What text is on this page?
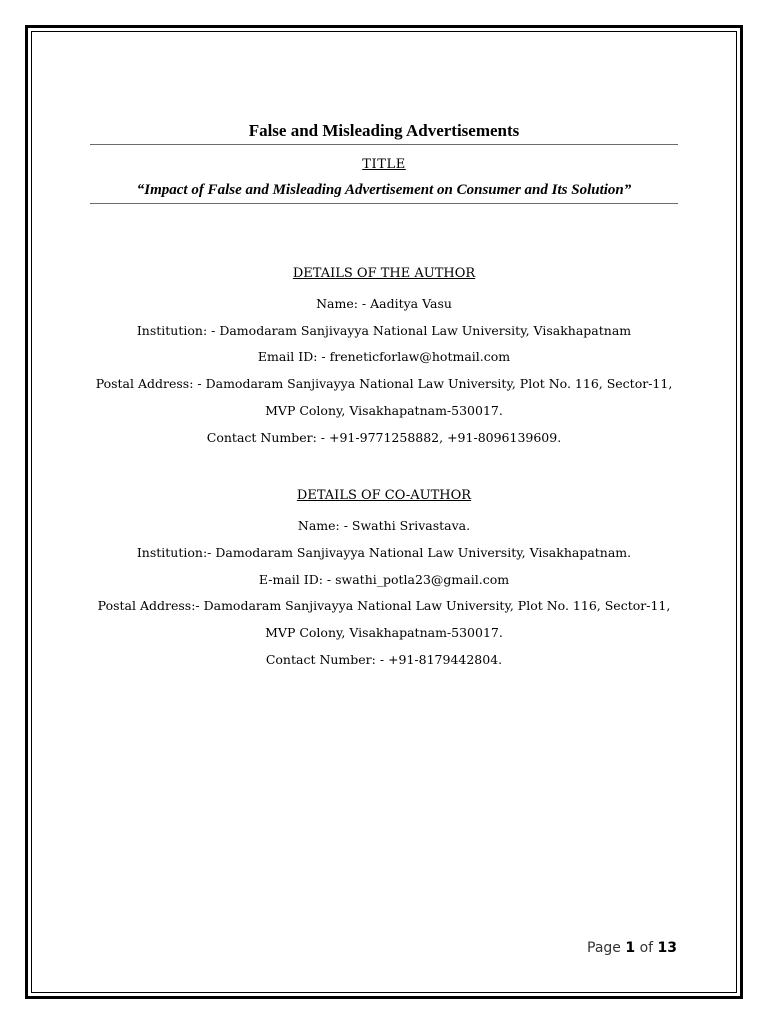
False and Misleading Advertisements
TITLE
“Impact of False and Misleading Advertisement on Consumer and Its Solution”
DETAILS OF THE AUTHOR
Name: - Aaditya Vasu
Institution: - Damodaram Sanjivayya National Law University, Visakhapatnam
Email ID: - freneticforlaw@hotmail.com
Postal Address: - Damodaram Sanjivayya National Law University, Plot No. 116, Sector-11,
MVP Colony, Visakhapatnam-530017.
Contact Number: - +91-9771258882, +91-8096139609.
DETAILS OF CO-AUTHOR
Name: - Swathi Srivastava.
Institution:- Damodaram Sanjivayya National Law University, Visakhapatnam.
E-mail ID: - swathi_potla23@gmail.com
Postal Address:- Damodaram Sanjivayya National Law University, Plot No. 116, Sector-11,
MVP Colony, Visakhapatnam-530017.
Contact Number: - +91-8179442804.
Page 1 of 13
